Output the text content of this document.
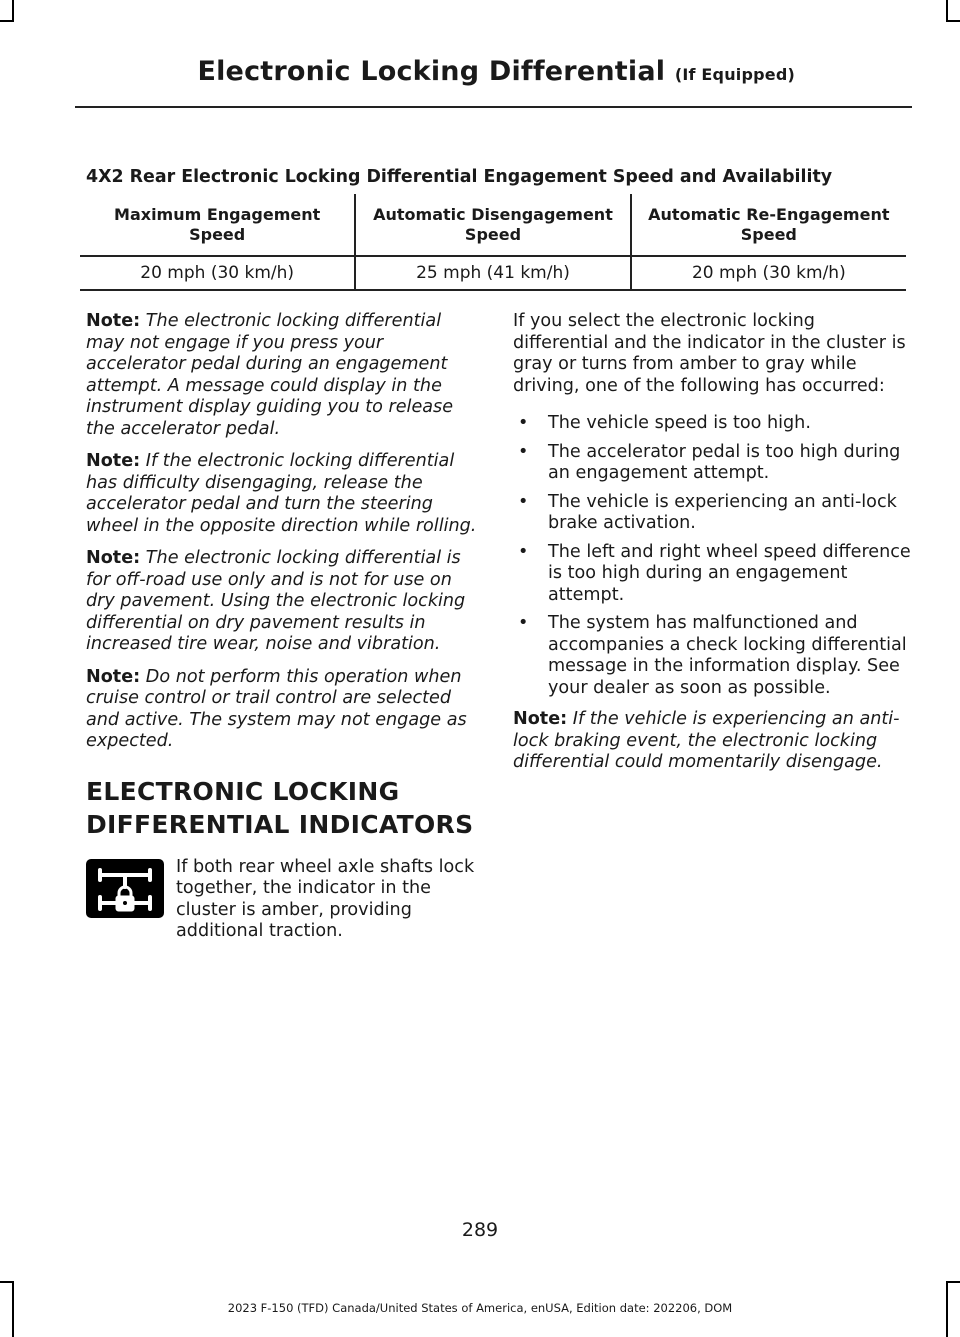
Electronic Locking Differential (If Equipped)
4X2 Rear Electronic Locking Differential Engagement Speed and Availability
Maximum Engagement Speed	Automatic Disengagement Speed	Automatic Re-Engagement Speed
20 mph (30 km/h)	25 mph (41 km/h)	20 mph (30 km/h)

Note: The electronic locking differential may not engage if you press your accelerator pedal during an engagement attempt. A message could display in the instrument display guiding you to release the accelerator pedal.

Note: If the electronic locking differential has difficulty disengaging, release the accelerator pedal and turn the steering wheel in the opposite direction while rolling.

Note: The electronic locking differential is for off-road use only and is not for use on dry pavement. Using the electronic locking differential on dry pavement results in increased tire wear, noise and vibration.

Note: Do not perform this operation when cruise control or trail control are selected and active. The system may not engage as expected.

ELECTRONIC LOCKING DIFFERENTIAL INDICATORS
If both rear wheel axle shafts lock together, the indicator in the cluster is amber, providing additional traction.

If you select the electronic locking differential and the indicator in the cluster is gray or turns from amber to gray while driving, one of the following has occurred:

• The vehicle speed is too high.
• The accelerator pedal is too high during an engagement attempt.
• The vehicle is experiencing an anti-lock brake activation.
• The left and right wheel speed difference is too high during an engagement attempt.
• The system has malfunctioned and accompanies a check locking differential message in the information display. See your dealer as soon as possible.

Note: If the vehicle is experiencing an anti-lock braking event, the electronic locking differential could momentarily disengage.

289
2023 F-150 (TFD) Canada/United States of America, enUSA, Edition date: 202206, DOM
